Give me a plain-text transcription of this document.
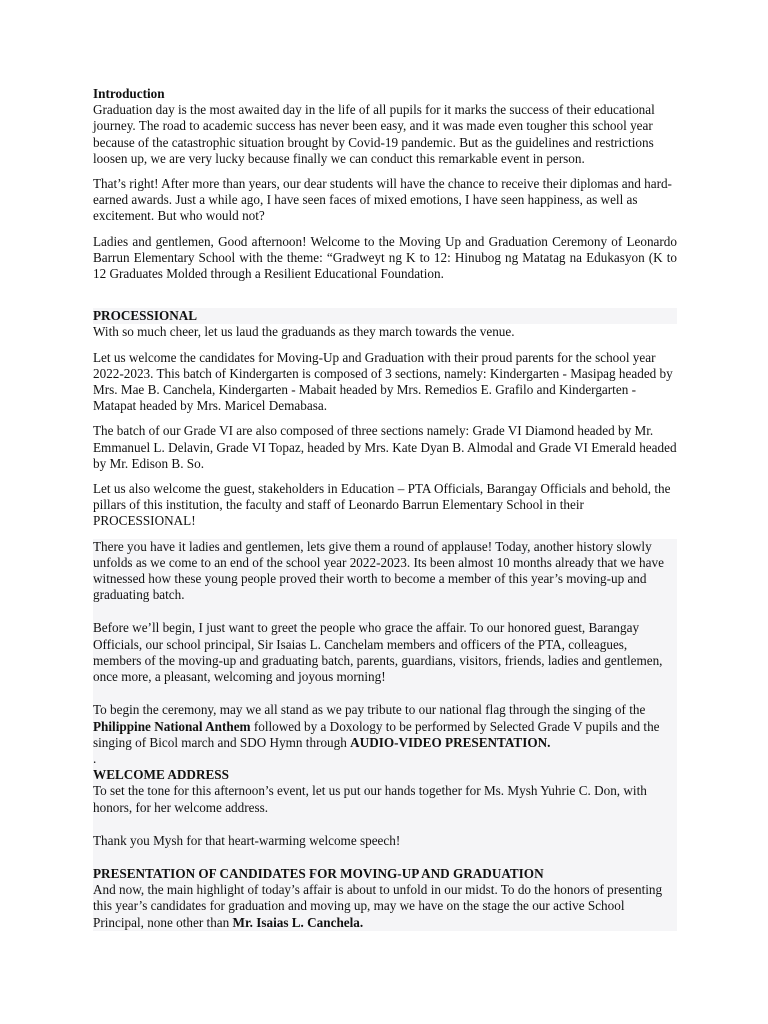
Introduction

Graduation day is the most awaited day in the life of all pupils for it marks the success of their educational journey. The road to academic success has never been easy, and it was made even tougher this school year because of the catastrophic situation brought by Covid-19 pandemic. But as the guidelines and restrictions loosen up, we are very lucky because finally we can conduct this remarkable event in person.

That’s right! After more than years, our dear students will have the chance to receive their diplomas and hard-earned awards. Just a while ago, I have seen faces of mixed emotions, I have seen happiness, as well as excitement. But who would not?

Ladies and gentlemen, Good afternoon! Welcome to the Moving Up and Graduation Ceremony of Leonardo Barrun Elementary School with the theme: “Gradweyt ng K to 12: Hinubog ng Matatag na Edukasyon (K to 12 Graduates Molded through a Resilient Educational Foundation.

PROCESSIONAL

With so much cheer, let us laud the graduands as they march towards the venue.

Let us welcome the candidates for Moving-Up and Graduation with their proud parents for the school year 2022-2023. This batch of Kindergarten is composed of 3 sections, namely: Kindergarten - Masipag headed by Mrs. Mae B. Canchela, Kindergarten - Mabait headed by Mrs. Remedios E. Grafilo and Kindergarten -Matapat headed by Mrs. Maricel Demabasa.

The batch of our Grade VI are also composed of three sections namely: Grade VI Diamond headed by Mr. Emmanuel L. Delavin, Grade VI Topaz, headed by Mrs. Kate Dyan B. Almodal and Grade VI Emerald headed by Mr. Edison B. So.

Let us also welcome the guest, stakeholders in Education – PTA Officials, Barangay Officials and behold, the pillars of this institution, the faculty and staff of Leonardo Barrun Elementary School in their PROCESSIONAL!

There you have it ladies and gentlemen, lets give them a round of applause! Today, another history slowly unfolds as we come to an end of the school year 2022-2023. Its been almost 10 months already that we have witnessed how these young people proved their worth to become a member of this year’s moving-up and graduating batch.

Before we’ll begin, I just want to greet the people who grace the affair. To our honored guest, Barangay Officials, our school principal, Sir Isaias L. Canchelam members and officers of the PTA, colleagues, members of the moving-up and graduating batch, parents, guardians, visitors, friends, ladies and gentlemen, once more, a pleasant, welcoming and joyous morning!

To begin the ceremony, may we all stand as we pay tribute to our national flag through the singing of the Philippine National Anthem followed by a Doxology to be performed by Selected Grade V pupils and the singing of Bicol march and SDO Hymn through AUDIO-VIDEO PRESENTATION.

.

WELCOME ADDRESS

To set the tone for this afternoon’s event, let us put our hands together for Ms. Mysh Yuhrie C. Don, with honors, for her welcome address.

Thank you Mysh for that heart-warming welcome speech!

PRESENTATION OF CANDIDATES FOR MOVING-UP AND GRADUATION

And now, the main highlight of today’s affair is about to unfold in our midst. To do the honors of presenting this year’s candidates for graduation and moving up, may we have on the stage the our active School Principal, none other than Mr. Isaias L. Canchela.
